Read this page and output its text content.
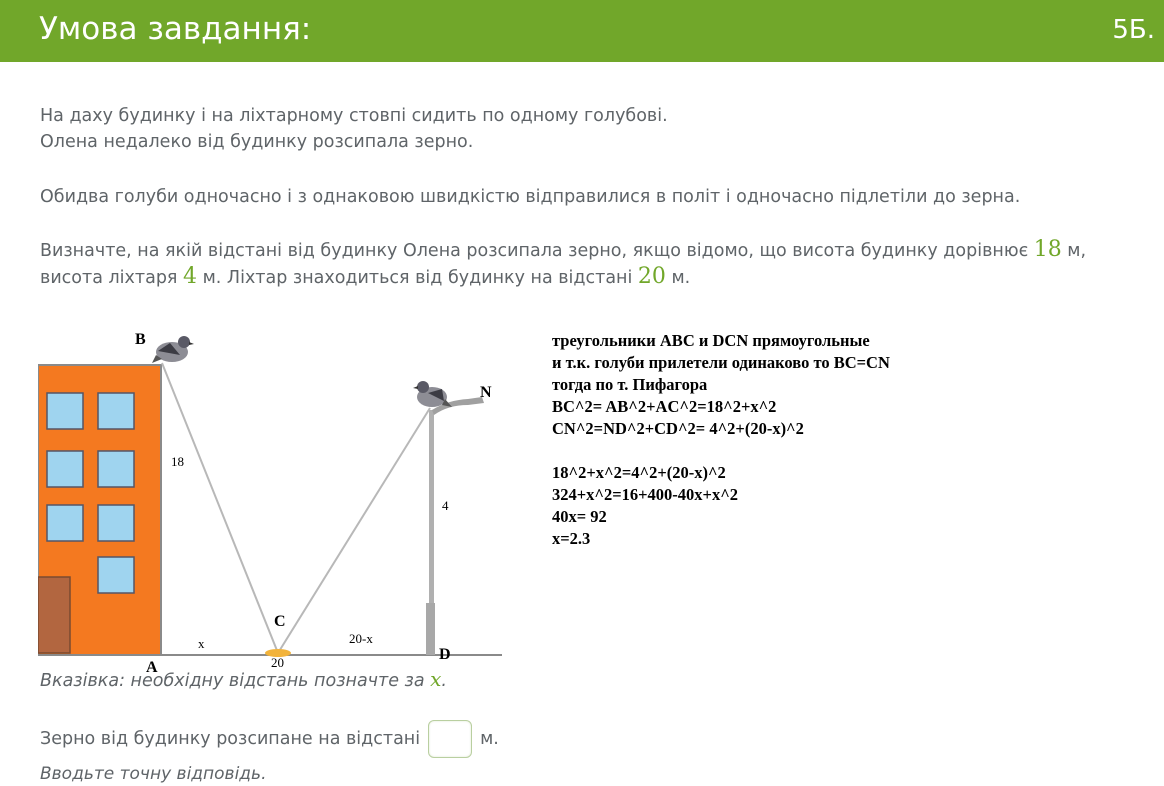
Умова завдання:	5Б.
На даху будинку і на ліхтарному стовпі сидить по одному голубові.
Олена недалеко від будинку розсипала зерно.
Обидва голуби одночасно і з однаковою швидкістю відправилися в політ і одночасно підлетіли до зерна.
Визначте, на якій відстані від будинку Олена розсипала зерно, якщо відомо, що висота будинку дорівнює 18 м,
висота ліхтаря 4 м. Ліхтар знаходиться від будинку на відстані 20 м.
B
N
18
4
C
x	20-x
D
A	20
треугольники ABC и DCN прямоугольные
и т.к. голуби прилетели одинаково то BC=CN
тогда по т. Пифагора
BC^2= AB^2+AC^2=18^2+x^2
CN^2=ND^2+CD^2= 4^2+(20-x)^2
18^2+x^2=4^2+(20-x)^2
324+x^2=16+400-40x+x^2
40x= 92
x=2.3
Вказівка: необхідну відстань позначте за x.
Зерно від будинку розсипане на відстані	м.
Вводьте точну відповідь.
